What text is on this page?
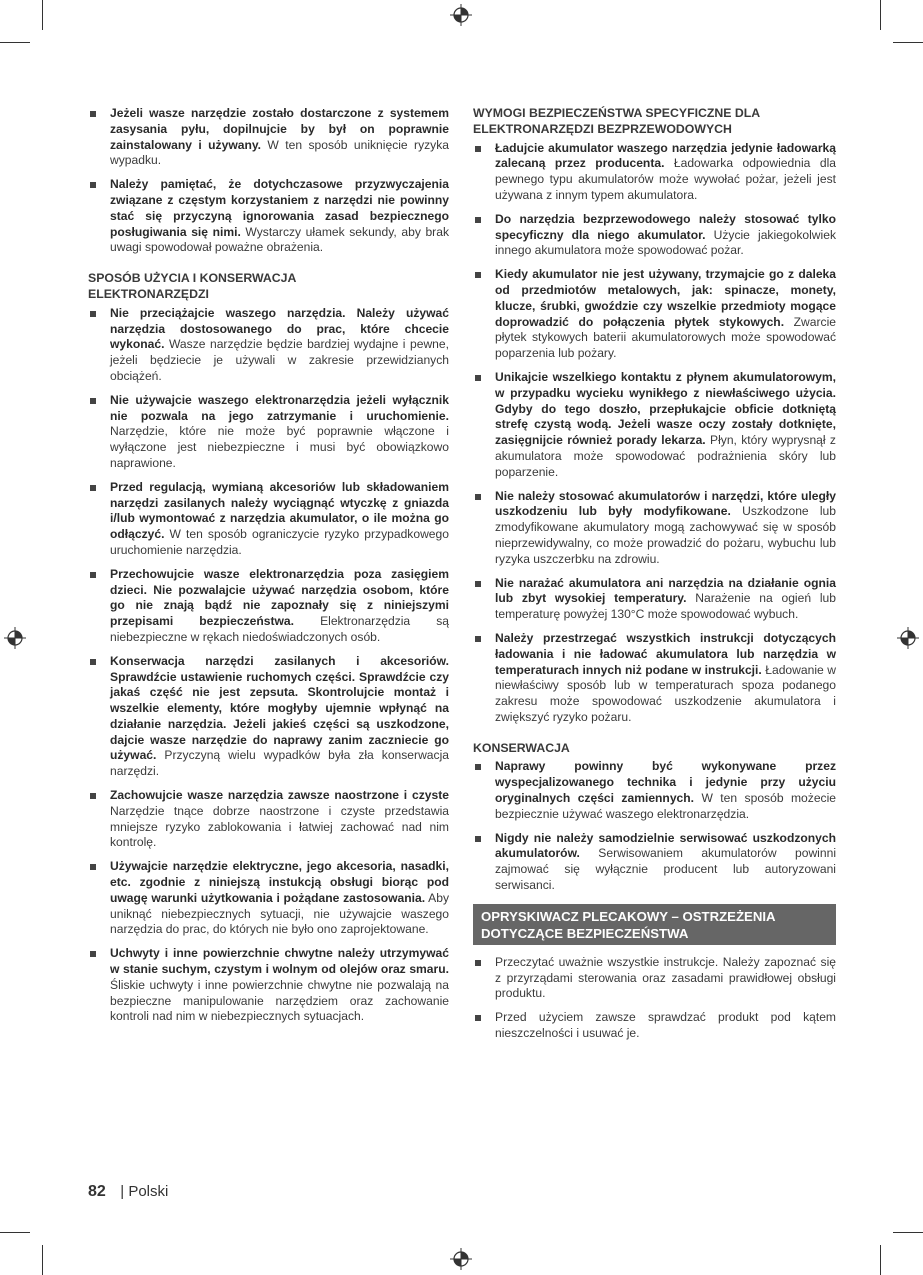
Jeżeli wasze narzędzie zostało dostarczone z systemem zasysania pyłu, dopilnujcie by był on poprawnie zainstalowany i używany. W ten sposób uniknięcie ryzyka wypadku.
Należy pamiętać, że dotychczasowe przyzwyczajenia związane z częstym korzystaniem z narzędzi nie powinny stać się przyczyną ignorowania zasad bezpiecznego posługiwania się nimi. Wystarczy ułamek sekundy, aby brak uwagi spowodował poważne obrażenia.
SPOSÓB UŻYCIA I KONSERWACJA ELEKTRONARZĘDZI
Nie przeciążajcie waszego narzędzia. Należy używać narzędzia dostosowanego do prac, które chcecie wykonać. Wasze narzędzie będzie bardziej wydajne i pewne, jeżeli będziecie je używali w zakresie przewidzianych obciążeń.
Nie używajcie waszego elektronarzędzia jeżeli wyłącznik nie pozwala na jego zatrzymanie i uruchomienie. Narzędzie, które nie może być poprawnie włączone i wyłączone jest niebezpieczne i musi być obowiązkowo naprawione.
Przed regulacją, wymianą akcesoriów lub składowaniem narzędzi zasilanych należy wyciągnąć wtyczkę z gniazda i/lub wymontować z narzędzia akumulator, o ile można go odłączyć. W ten sposób ograniczycie ryzyko przypadkowego uruchomienie narzędzia.
Przechowujcie wasze elektronarzędzia poza zasięgiem dzieci. Nie pozwalajcie używać narzędzia osobom, które go nie znają bądź nie zapoznały się z niniejszymi przepisami bezpieczeństwa. Elektronarzędzia są niebezpieczne w rękach niedoświadczonych osób.
Konserwacja narzędzi zasilanych i akcesoriów. Sprawdźcie ustawienie ruchomych części. Sprawdźcie czy jakaś część nie jest zepsuta. Skontrolujcie montaż i wszelkie elementy, które mogłyby ujemnie wpłynąć na działanie narzędzia. Jeżeli jakieś części są uszkodzone, dajcie wasze narzędzie do naprawy zanim zaczniecie go używać. Przyczyną wielu wypadków była zła konserwacja narzędzi.
Zachowujcie wasze narzędzia zawsze naostrzone i czyste Narzędzie tnące dobrze naostrzone i czyste przedstawia mniejsze ryzyko zablokowania i łatwiej zachować nad nim kontrolę.
Używajcie narzędzie elektryczne, jego akcesoria, nasadki, etc. zgodnie z niniejszą instukcją obsługi biorąc pod uwagę warunki użytkowania i pożądane zastosowania. Aby uniknąć niebezpiecznych sytuacji, nie używajcie waszego narzędzia do prac, do których nie było ono zaprojektowane.
Uchwyty i inne powierzchnie chwytne należy utrzymywać w stanie suchym, czystym i wolnym od olejów oraz smaru. Śliskie uchwyty i inne powierzchnie chwytne nie pozwalają na bezpieczne manipulowanie narzędziem oraz zachowanie kontroli nad nim w niebezpiecznych sytuacjach.
WYMOGI BEZPIECZEŃSTWA SPECYFICZNE DLA ELEKTRONARZĘDZI BEZPRZEWODOWYCH
Ładujcie akumulator waszego narzędzia jedynie ładowarką zalecaną przez producenta. Ładowarka odpowiednia dla pewnego typu akumulatorów może wywołać pożar, jeżeli jest używana z innym typem akumulatora.
Do narzędzia bezprzewodowego należy stosować tylko specyficzny dla niego akumulator. Użycie jakiegokolwiek innego akumulatora może spowodować pożar.
Kiedy akumulator nie jest używany, trzymajcie go z daleka od przedmiotów metalowych, jak: spinacze, monety, klucze, śrubki, gwoździe czy wszelkie przedmioty mogące doprowadzić do połączenia płytek stykowych. Zwarcie płytek stykowych baterii akumulatorowych może spowodować poparzenia lub pożary.
Unikajcie wszelkiego kontaktu z płynem akumulatorowym, w przypadku wycieku wynikłego z niewłaściwego użycia. Gdyby do tego doszło, przepłukajcie obficie dotkniętą strefę czystą wodą. Jeżeli wasze oczy zostały dotknięte, zasięgnijcie również porady lekarza. Płyn, który wyprysnął z akumulatora może spowodować podrażnienia skóry lub poparzenie.
Nie należy stosować akumulatorów i narzędzi, które uległy uszkodzeniu lub były modyfikowane. Uszkodzone lub zmodyfikowane akumulatory mogą zachowywać się w sposób nieprzewidywalny, co może prowadzić do pożaru, wybuchu lub ryzyka uszczerbku na zdrowiu.
Nie narażać akumulatora ani narzędzia na działanie ognia lub zbyt wysokiej temperatury. Narażenie na ogień lub temperaturę powyżej 130°C może spowodować wybuch.
Należy przestrzegać wszystkich instrukcji dotyczących ładowania i nie ładować akumulatora lub narzędzia w temperaturach innych niż podane w instrukcji. Ładowanie w niewłaściwy sposób lub w temperaturach spoza podanego zakresu może spowodować uszkodzenie akumulatora i zwiększyć ryzyko pożaru.
KONSERWACJA
Naprawy powinny być wykonywane przez wyspecjalizowanego technika i jedynie przy użyciu oryginalnych części zamiennych. W ten sposób możecie bezpiecznie używać waszego elektronarzędzia.
Nigdy nie należy samodzielnie serwisować uszkodzonych akumulatorów. Serwisowaniem akumulatorów powinni zajmować się wyłącznie producent lub autoryzowani serwisanci.
OPRYSKIWACZ PLECAKOWY – OSTRZEŻENIA DOTYCZĄCE BEZPIECZEŃSTWA
Przeczytać uważnie wszystkie instrukcje. Należy zapoznać się z przyrządami sterowania oraz zasadami prawidłowej obsługi produktu.
Przed użyciem zawsze sprawdzać produkt pod kątem nieszczelności i usuwać je.
82 | Polski
